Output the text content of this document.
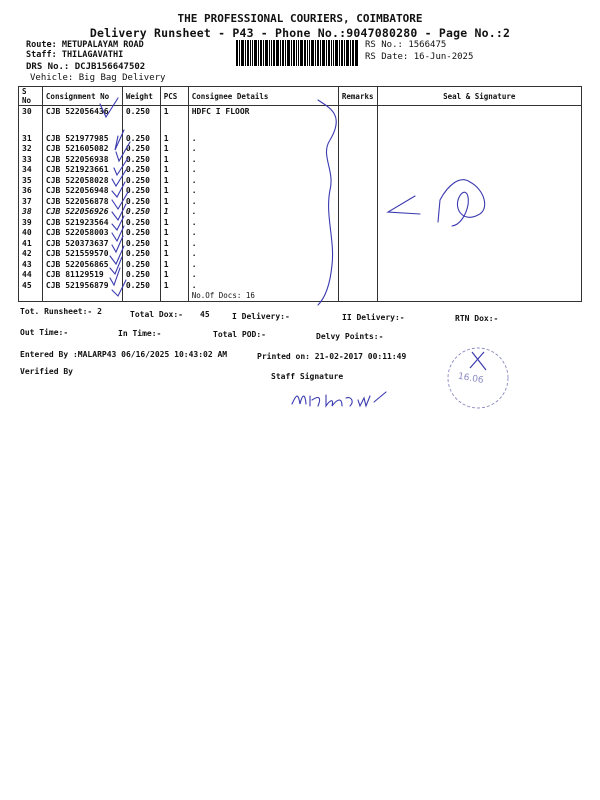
THE PROFESSIONAL COURIERS, COIMBATORE
Delivery Runsheet - P43 - Phone No.:9047080280 - Page No.:2
Route: METUPALAYAM ROAD
Staff: THILAGAVATHI
DRS No.: DCJB156647502
Vehicle: Big Bag Delivery
RS No.: 1566475
RS Date: 16-Jun-2025
S No	Consignment No	Weight	PCS	Consignee Details	Remarks	Seal & Signature
30	CJB 522056436	0.250	1	HDFC I FLOOR		
31	CJB 521977985	0.250	1	.		
32	CJB 521605082	0.250	1	.		
33	CJB 522056938	0.250	1	.		
34	CJB 521923661	0.250	1	.		
35	CJB 522058028	0.250	1	.		
36	CJB 522056948	0.250	1	.		
37	CJB 522056878	0.250	1	.		
38	CJB 522056926	0.250	1	.		
39	CJB 521923564	0.250	1	.		
40	CJB 522058003	0.250	1	.		
41	CJB 520373637	0.250	1	.		
42	CJB 521559570	0.250	1	.		
43	CJB 522056865	0.250	1	.		
44	CJB 81129519	0.250	1	.		
45	CJB 521956879	0.250	1	.		
				No.Of Docs: 16		
16.06
Tot. Runsheet:- 2	Total Dox:- 45	I Delivery:-	II Delivery:-	RTN Dox:-
Out Time:-	In Time:-	Total POD:-	Delvy Points:-
Entered By :MALARP43 06/16/2025 10:43:02 AM	Printed on: 21-02-2017 00:11:49
Verified By
Staff Signature
